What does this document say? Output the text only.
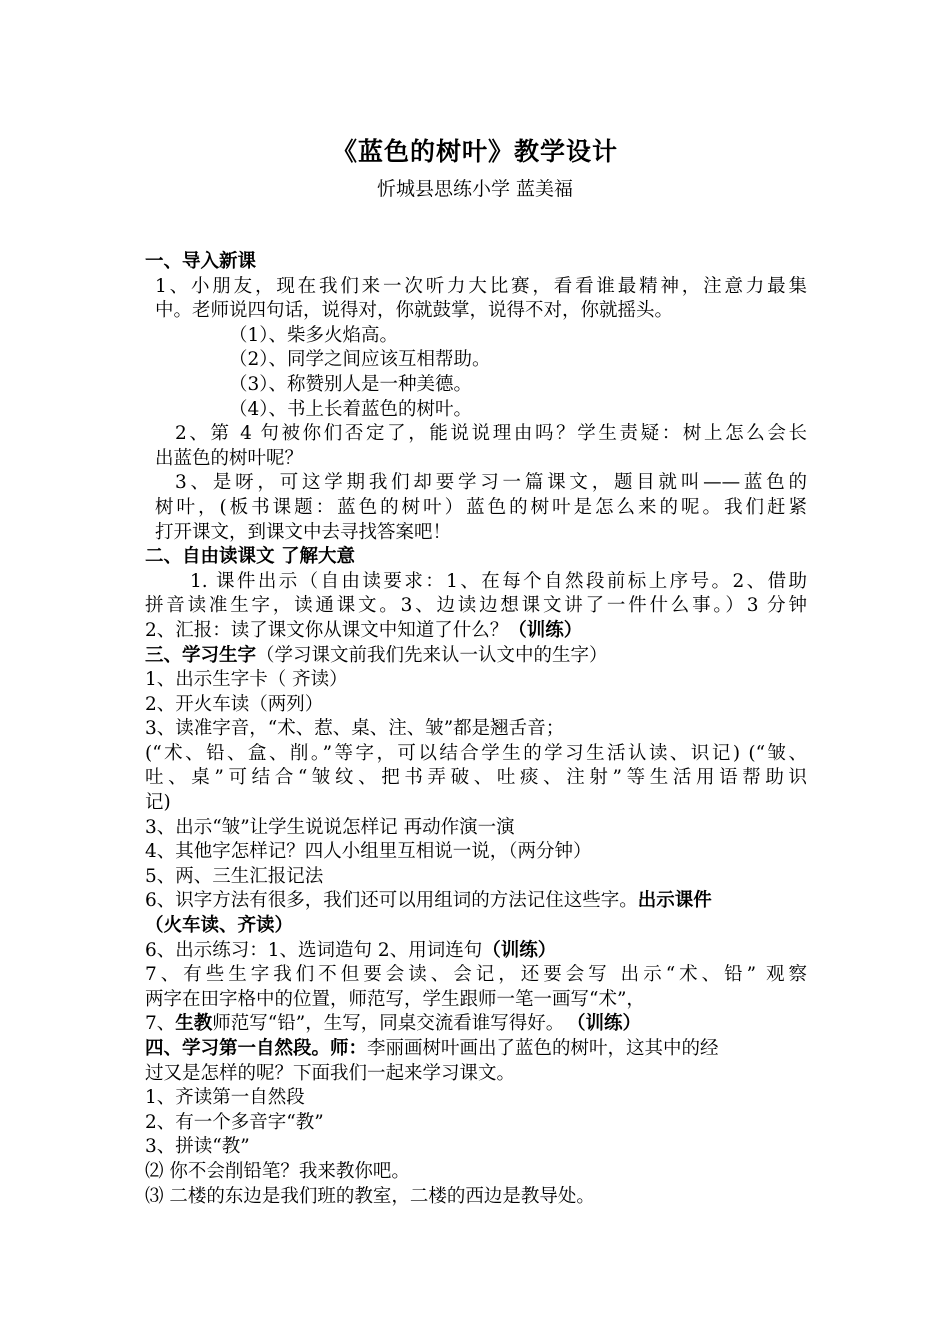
《蓝色的树叶》教学设计
忻城县思练小学 蓝美福
一、导入新课
1、小朋友，现在我们来一次听力大比赛，看看谁最精神，注意力最集
中。老师说四句话，说得对，你就鼓掌，说得不对，你就摇头。
（1）、柴多火焰高。
（2）、同学之间应该互相帮助。
（3）、称赞别人是一种美德。
（4）、书上长着蓝色的树叶。
2、第 4 句被你们否定了，能说说理由吗？学生责疑：树上怎么会长
出蓝色的树叶呢？
3、是呀，可这学期我们却要学习一篇课文，题目就叫——蓝色的
树叶，(板书课题：蓝色的树叶）蓝色的树叶是怎么来的呢。我们赶紧
打开课文，到课文中去寻找答案吧！
二、自由读课文 了解大意
1. 课件出示（自由读要求：1、在每个自然段前标上序号。2、借助
拼音读准生字，读通课文。3、边读边想课文讲了一件什么事。）3 分钟
2、汇报：读了课文你从课文中知道了什么？（训练）
三、学习生字（学习课文前我们先来认一认文中的生字）
1、出示生字卡（ 齐读）
2、开火车读（两列）
3、读准字音，“术、惹、桌、注、皱”都是翘舌音；
(“术、铅、盒、削。”等字，可以结合学生的学习生活认读、识记) (“皱、
吐、桌”可结合“皱纹、把书弄破、吐痰、注射”等生活用语帮助识
记)
3、出示“皱”让学生说说怎样记 再动作演一演
4、其他字怎样记？四人小组里互相说一说，（两分钟）
5、两、三生汇报记法
6、识字方法有很多，我们还可以用组词的方法记住这些字。出示课件
（火车读、齐读）
6、出示练习：1、选词造句 2、用词连句（训练）
7、有些生字我们不但要会读、会记，还要会写 出示“术、铅” 观察
两字在田字格中的位置，师范写，学生跟师一笔一画写“术”，
7、生教师范写“铅”，生写，同桌交流看谁写得好。 （训练）
四、学习第一自然段。师：李丽画树叶画出了蓝色的树叶，这其中的经
过又是怎样的呢？下面我们一起来学习课文。
1、齐读第一自然段
2、有一个多音字“教”
3、拼读“教”
⑵ 你不会削铅笔？我来教你吧。
⑶ 二楼的东边是我们班的教室，二楼的西边是教导处。
